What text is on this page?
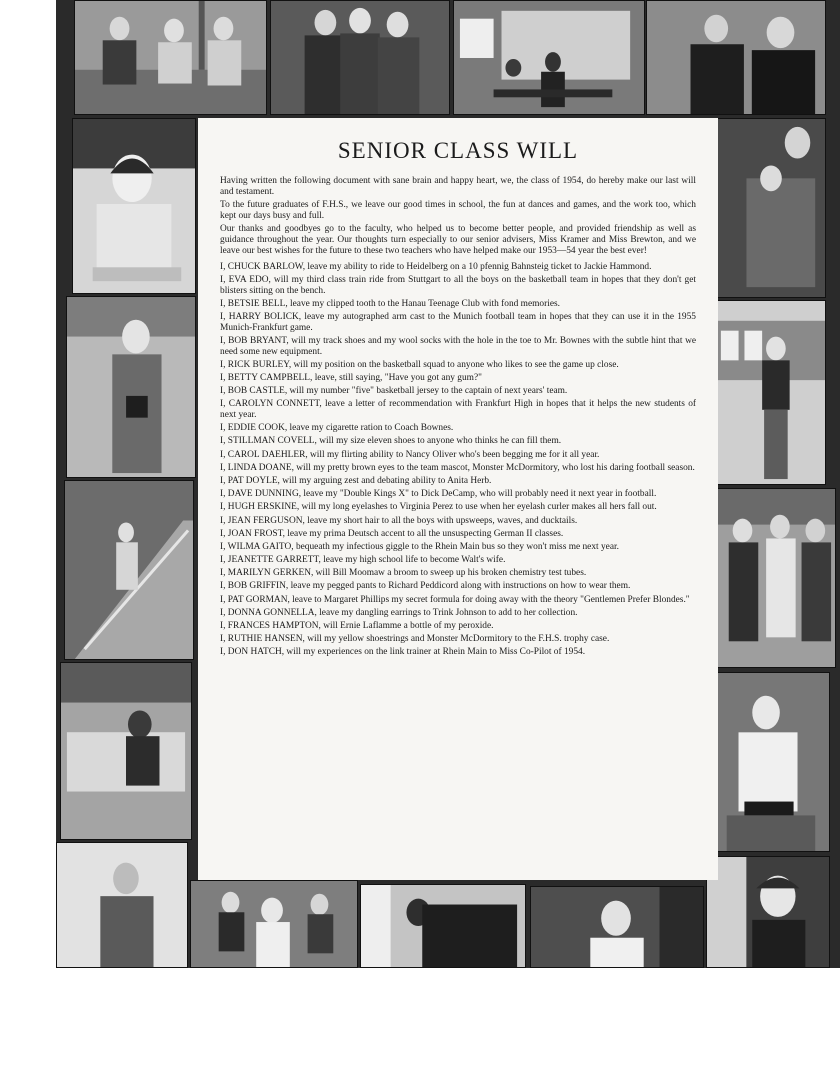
SENIOR CLASS WILL

Having written the following document with sane brain and happy heart, we, the class of 1954, do hereby make our last will and testament.

To the future graduates of F.H.S., we leave our good times in school, the fun at dances and games, and the work too, which kept our days busy and full.

Our thanks and goodbyes go to the faculty, who helped us to become better people, and provided friendship as well as guidance throughout the year. Our thoughts turn especially to our senior advisers, Miss Kramer and Miss Brewton, and we leave our best wishes for the future to these two teachers who have helped make our 1953—54 year the best ever!

I, CHUCK BARLOW, leave my ability to ride to Heidelberg on a 10 pfennig Bahnsteig ticket to Jackie Hammond.

I, EVA EDO, will my third class train ride from Stuttgart to all the boys on the basketball team in hopes that they don't get blisters sitting on the bench.

I, BETSIE BELL, leave my clipped tooth to the Hanau Teenage Club with fond memories.

I, HARRY BOLICK, leave my autographed arm cast to the Munich football team in hopes that they can use it in the 1955 Munich-Frankfurt game.

I, BOB BRYANT, will my track shoes and my wool socks with the hole in the toe to Mr. Bownes with the subtle hint that we need some new equipment.

I, RICK BURLEY, will my position on the basketball squad to anyone who likes to see the game up close.

I, BETTY CAMPBELL, leave, still saying, "Have you got any gum?"

I, BOB CASTLE, will my number "five" basketball jersey to the captain of next years' team.

I, CAROLYN CONNETT, leave a letter of recommendation with Frankfurt High in hopes that it helps the new students of next year.

I, EDDIE COOK, leave my cigarette ration to Coach Bownes.

I, STILLMAN COVELL, will my size eleven shoes to anyone who thinks he can fill them.

I, CAROL DAEHLER, will my flirting ability to Nancy Oliver who's been begging me for it all year.

I, LINDA DOANE, will my pretty brown eyes to the team mascot, Monster McDormitory, who lost his daring football season.

I, PAT DOYLE, will my arguing zest and debating ability to Anita Herb.

I, DAVE DUNNING, leave my "Double Kings X" to Dick DeCamp, who will probably need it next year in football.

I, HUGH ERSKINE, will my long eyelashes to Virginia Perez to use when her eyelash curler makes all hers fall out.

I, JEAN FERGUSON, leave my short hair to all the boys with upsweeps, waves, and ducktails.

I, JOAN FROST, leave my prima Deutsch accent to all the unsuspecting German II classes.

I, WILMA GAITO, bequeath my infectious giggle to the Rhein Main bus so they won't miss me next year.

I, JEANETTE GARRETT, leave my high school life to become Walt's wife.

I, MARILYN GERKEN, will Bill Moomaw a broom to sweep up his broken chemistry test tubes.

I, BOB GRIFFIN, leave my pegged pants to Richard Peddicord along with instructions on how to wear them.

I, PAT GORMAN, leave to Margaret Phillips my secret formula for doing away with the theory "Gentlemen Prefer Blondes."

I, DONNA GONNELLA, leave my dangling earrings to Trink Johnson to add to her collection.

I, FRANCES HAMPTON, will Ernie Laflamme a bottle of my peroxide.

I, RUTHIE HANSEN, will my yellow shoestrings and Monster McDormitory to the F.H.S. trophy case.

I, DON HATCH, will my experiences on the link trainer at Rhein Main to Miss Co-Pilot of 1954.
